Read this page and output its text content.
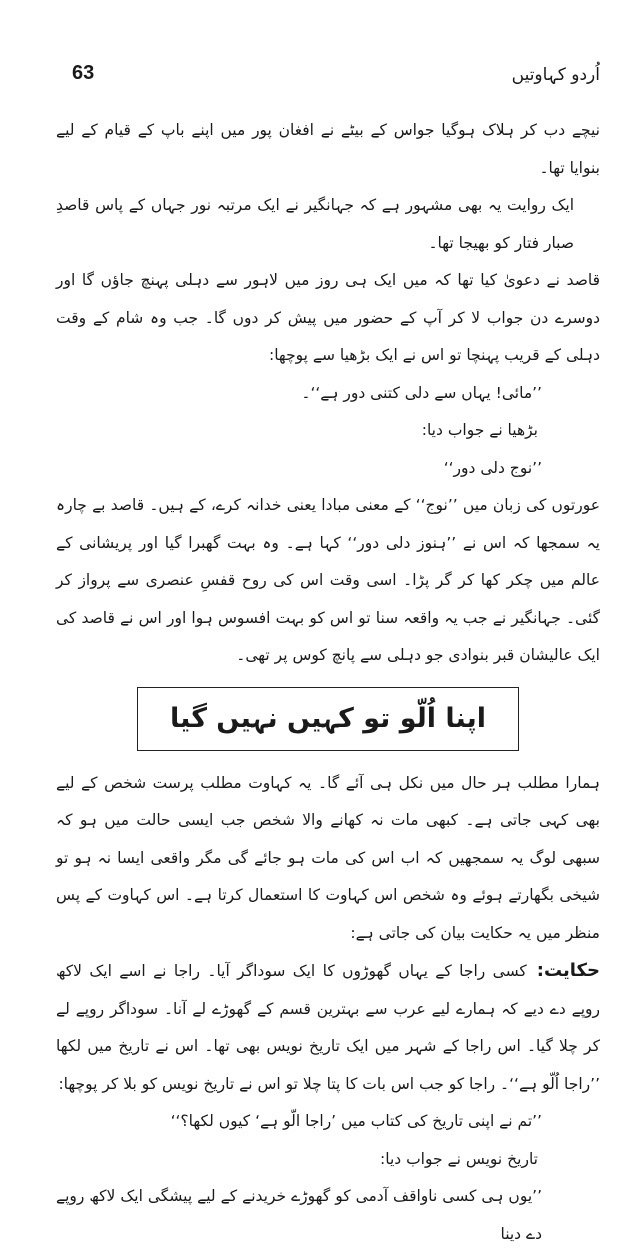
63	اُردو کہاوتیں

نیچے دب کر ہلاک ہوگیا جواس کے بیٹے نے افغان پور میں اپنے باپ کے قیام کے لیے بنوایا تھا۔

ایک روایت یہ بھی مشہور ہے کہ جہانگیر نے ایک مرتبہ نور جہاں کے پاس قاصدِ صبار فتار کو بھیجا تھا۔

قاصد نے دعویٰ کیا تھا کہ میں ایک ہی روز میں لاہور سے دہلی پہنچ جاؤں گا اور دوسرے دن جواب لا کر آپ کے حضور میں پیش کر دوں گا۔ جب وہ شام کے وقت دہلی کے قریب پہنچا تو اس نے ایک بڑھیا سے پوچھا:

’’مائی! یہاں سے دلی کتنی دور ہے‘‘۔

بڑھیا نے جواب دیا:

’’نوج دلی دور‘‘

عورتوں کی زبان میں ’’نوج‘‘ کے معنی مبادا یعنی خدانہ کرے، کے ہیں۔ قاصد بے چارہ یہ سمجھا کہ اس نے ’’ہنوز دلی دور‘‘ کہا ہے۔ وہ بہت گھبرا گیا اور پریشانی کے عالم میں چکر کھا کر گر پڑا۔ اسی وقت اس کی روح قفسِ عنصری سے پرواز کر گئی۔ جہانگیر نے جب یہ واقعہ سنا تو اس کو بہت افسوس ہوا اور اس نے قاصد کی ایک عالیشان قبر بنوادی جو دہلی سے پانچ کوس پر تھی۔

اپنا اُلّو تو کہیں نہیں گیا

ہمارا مطلب ہر حال میں نکل ہی آئے گا۔ یہ کہاوت مطلب پرست شخص کے لیے بھی کہی جاتی ہے۔ کبھی مات نہ کھانے والا شخص جب ایسی حالت میں ہو کہ سبھی لوگ یہ سمجھیں کہ اب اس کی مات ہو جائے گی مگر واقعی ایسا نہ ہو تو شیخی بگھارتے ہوئے وہ شخص اس کہاوت کا استعمال کرتا ہے۔ اس کہاوت کے پس منظر میں یہ حکایت بیان کی جاتی ہے:

حکایت:کسی راجا کے یہاں گھوڑوں کا ایک سوداگر آیا۔ راجا نے اسے ایک لاکھ روپے دے دیے کہ ہمارے لیے عرب سے بہترین قسم کے گھوڑے لے آنا۔ سوداگر روپے لے کر چلا گیا۔ اس راجا کے شہر میں ایک تاریخ نویس بھی تھا۔ اس نے تاریخ میں لکھا ’’راجا اُلّو ہے‘‘۔ راجا کو جب اس بات کا پتا چلا تو اس نے تاریخ نویس کو بلا کر پوچھا:

’’تم نے اپنی تاریخ کی کتاب میں ’راجا الّو ہے‘ کیوں لکھا؟‘‘

تاریخ نویس نے جواب دیا:

’’یوں ہی کسی ناواقف آدمی کو گھوڑے خریدنے کے لیے پیشگی ایک لاکھ روپے دے دینا
